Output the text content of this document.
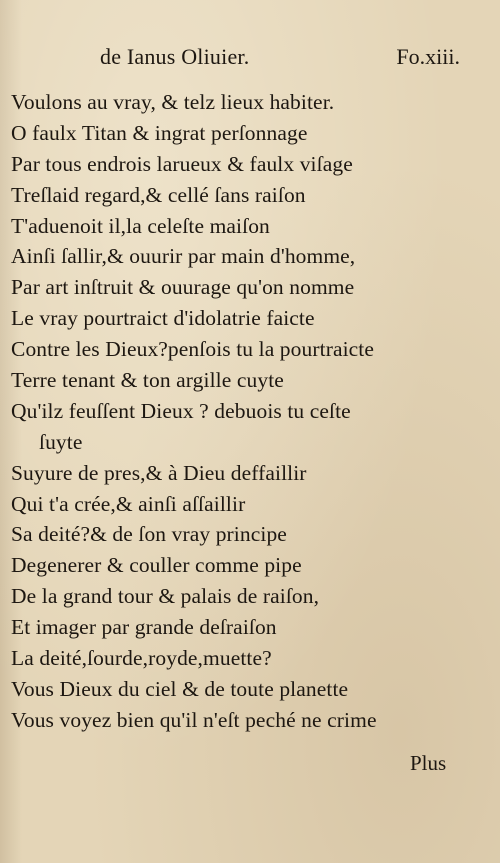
de Ianus Oliuier.	Fo.xiii.
Voulons au vray, & telz lieux habiter.
O faulx Titan & ingrat perſonnage
Par tous endrois larueux & faulx viſage
Treſlaid regard,& cellé ſans raiſon
T'aduenoit il,la celeſte maiſon
Ainſi ſallir,& ouurir par main d'homme,
Par art inſtruit & ouurage qu'on nomme
Le vray pourtraict d'idolatrie faicte
Contre les Dieux?penſois tu la pourtraicte
Terre tenant & ton argille cuyte
Qu'ilz feuſſent Dieux ? debuois tu ceſte
ſuyte
Suyure de pres,& à Dieu deffaillir
Qui t'a crée,& ainſi aſſaillir
Sa deité?& de ſon vray principe
Degenerer & couller comme pipe
De la grand tour & palais de raiſon,
Et imager par grande deſraiſon
La deité,ſourde,royde,muette?
Vous Dieux du ciel & de toute planette
Vous voyez bien qu'il n'eſt peché ne crime
Plus
